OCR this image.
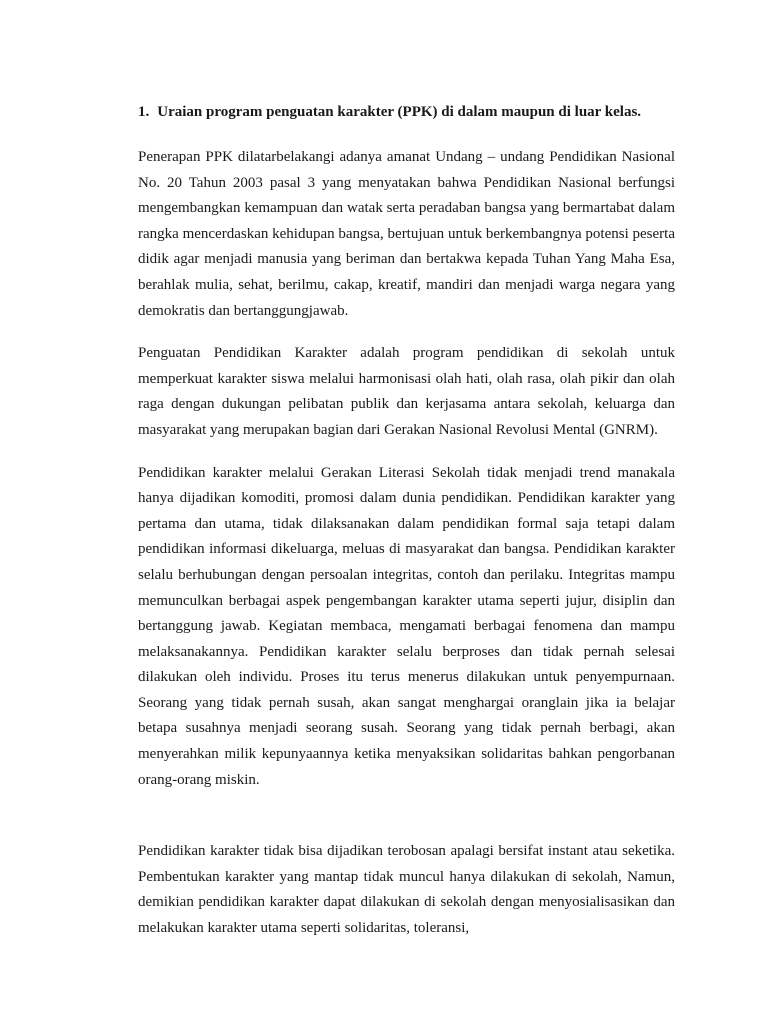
1. Uraian program penguatan karakter (PPK) di dalam maupun di luar kelas.

Penerapan PPK dilatarbelakangi adanya amanat Undang – undang Pendidikan Nasional No. 20 Tahun 2003 pasal 3 yang menyatakan bahwa Pendidikan Nasional berfungsi mengembangkan kemampuan dan watak serta peradaban bangsa yang bermartabat dalam rangka mencerdaskan kehidupan bangsa, bertujuan untuk berkembangnya potensi peserta didik agar menjadi manusia yang beriman dan bertakwa kepada Tuhan Yang Maha Esa, berahlak mulia, sehat, berilmu, cakap, kreatif, mandiri dan menjadi warga negara yang demokratis dan bertanggungjawab.

Penguatan Pendidikan Karakter adalah program pendidikan di sekolah untuk memperkuat karakter siswa melalui harmonisasi olah hati, olah rasa, olah pikir dan olah raga dengan dukungan pelibatan publik dan kerjasama antara sekolah, keluarga dan masyarakat yang merupakan bagian dari Gerakan Nasional Revolusi Mental (GNRM).

Pendidikan karakter melalui Gerakan Literasi Sekolah tidak menjadi trend manakala hanya dijadikan komoditi, promosi dalam dunia pendidikan. Pendidikan karakter yang pertama dan utama, tidak dilaksanakan dalam pendidikan formal saja tetapi dalam pendidikan informasi dikeluarga, meluas di masyarakat dan bangsa. Pendidikan karakter selalu berhubungan dengan persoalan integritas, contoh dan perilaku. Integritas mampu memunculkan berbagai aspek pengembangan karakter utama seperti jujur, disiplin dan bertanggung jawab. Kegiatan membaca, mengamati berbagai fenomena dan mampu melaksanakannya. Pendidikan karakter selalu berproses dan tidak pernah selesai dilakukan oleh individu. Proses itu terus menerus dilakukan untuk penyempurnaan. Seorang yang tidak pernah susah, akan sangat menghargai oranglain jika ia belajar betapa susahnya menjadi seorang susah. Seorang yang tidak pernah berbagi, akan menyerahkan milik kepunyaannya ketika menyaksikan solidaritas bahkan pengorbanan orang-orang miskin.

Pendidikan karakter tidak bisa dijadikan terobosan apalagi bersifat instant atau seketika. Pembentukan karakter yang mantap tidak muncul hanya dilakukan di sekolah, Namun, demikian pendidikan karakter dapat dilakukan di sekolah dengan menyosialisasikan dan melakukan karakter utama seperti solidaritas, toleransi,
